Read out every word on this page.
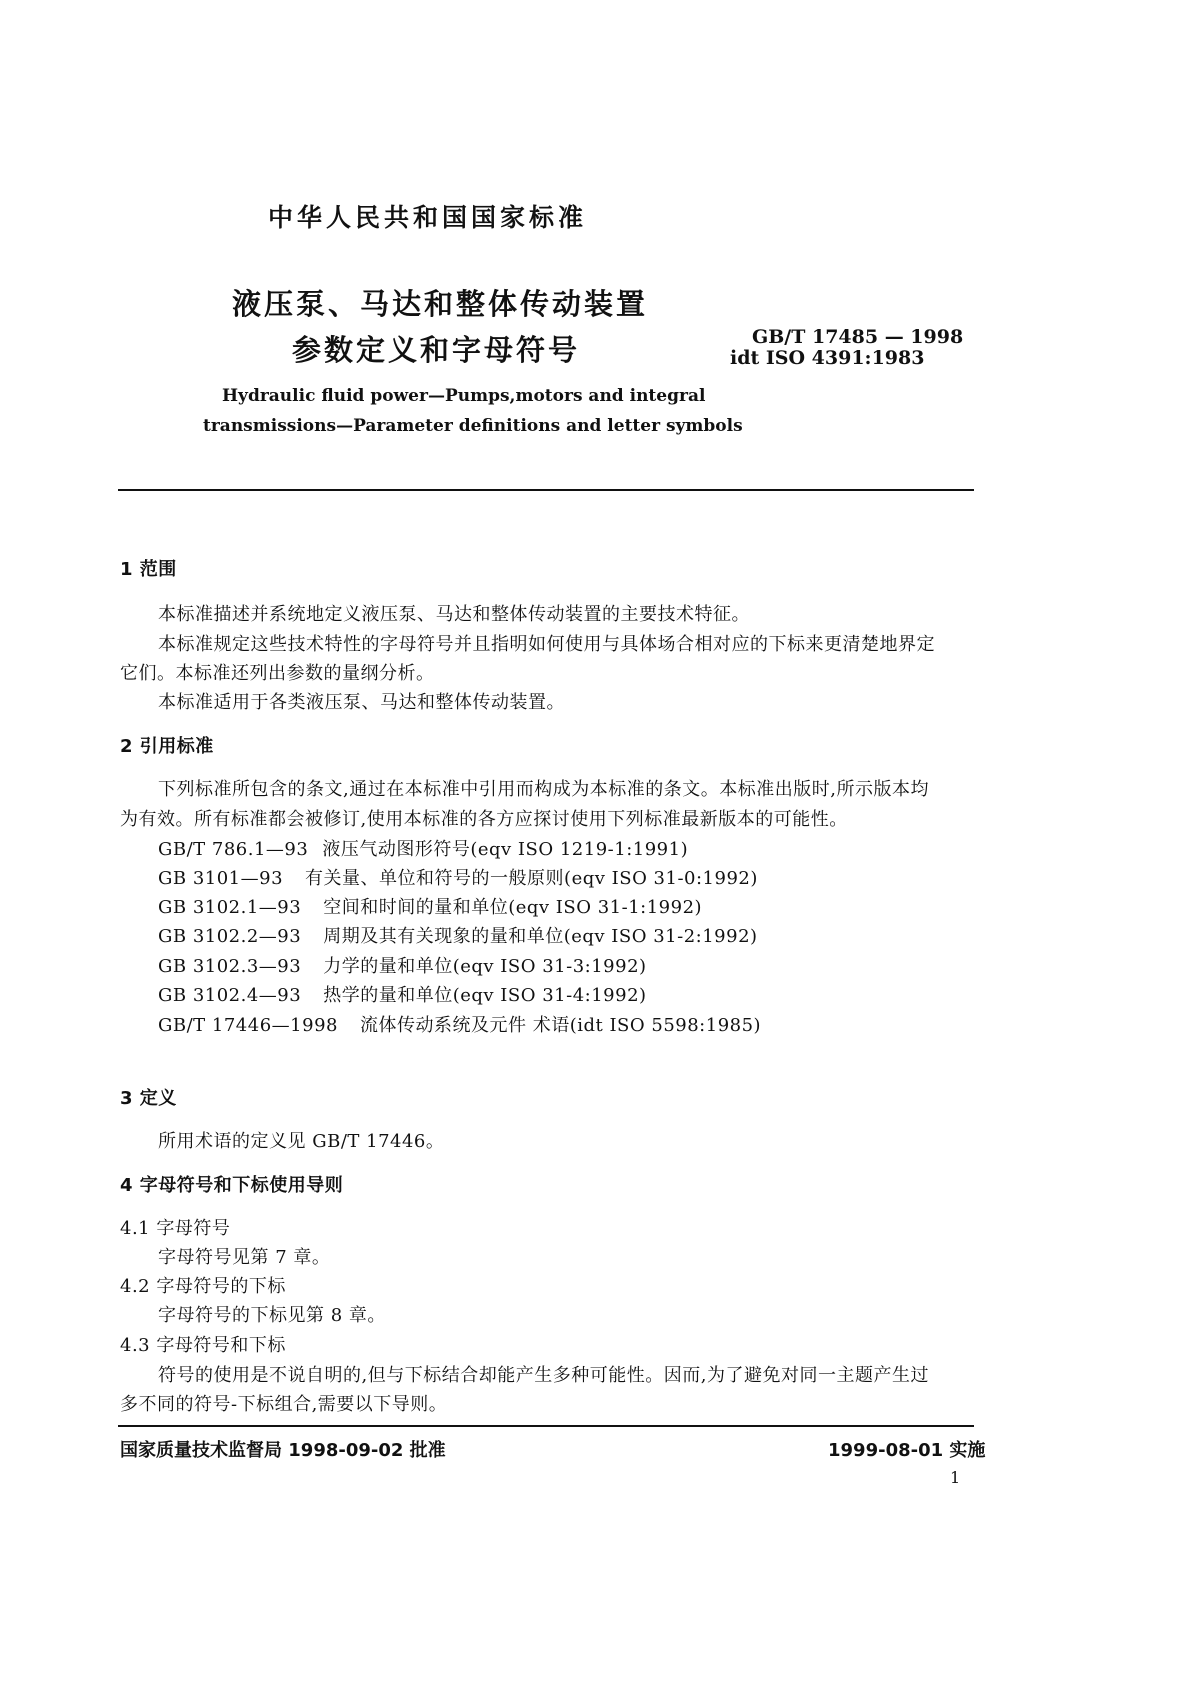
中华人民共和国国家标准
液压泵、马达和整体传动装置
参数定义和字母符号	GB/T 17485 — 1998
idt ISO 4391:1983
Hydraulic fluid power—Pumps,motors and integral
transmissions—Parameter definitions and letter symbols
1 范围
本标准描述并系统地定义液压泵、马达和整体传动装置的主要技术特征。
本标准规定这些技术特性的字母符号并且指明如何使用与具体场合相对应的下标来更清楚地界定
它们。本标准还列出参数的量纲分析。
本标准适用于各类液压泵、马达和整体传动装置。
2 引用标准
下列标准所包含的条文,通过在本标准中引用而构成为本标准的条文。本标准出版时,所示版本均
为有效。所有标准都会被修订,使用本标准的各方应探讨使用下列标准最新版本的可能性。
GB/T 786.1—93 液压气动图形符号(eqv ISO 1219-1:1991)
GB 3101—93 有关量、单位和符号的一般原则(eqv ISO 31-0:1992)
GB 3102.1—93 空间和时间的量和单位(eqv ISO 31-1:1992)
GB 3102.2—93 周期及其有关现象的量和单位(eqv ISO 31-2:1992)
GB 3102.3—93 力学的量和单位(eqv ISO 31-3:1992)
GB 3102.4—93 热学的量和单位(eqv ISO 31-4:1992)
GB/T 17446—1998 流体传动系统及元件 术语(idt ISO 5598:1985)
3 定义
所用术语的定义见 GB/T 17446。
4 字母符号和下标使用导则
4.1 字母符号
字母符号见第 7 章。
4.2 字母符号的下标
字母符号的下标见第 8 章。
4.3 字母符号和下标
符号的使用是不说自明的,但与下标结合却能产生多种可能性。因而,为了避免对同一主题产生过
多不同的符号-下标组合,需要以下导则。
国家质量技术监督局 1998-09-02 批准	1999-08-01 实施
1
